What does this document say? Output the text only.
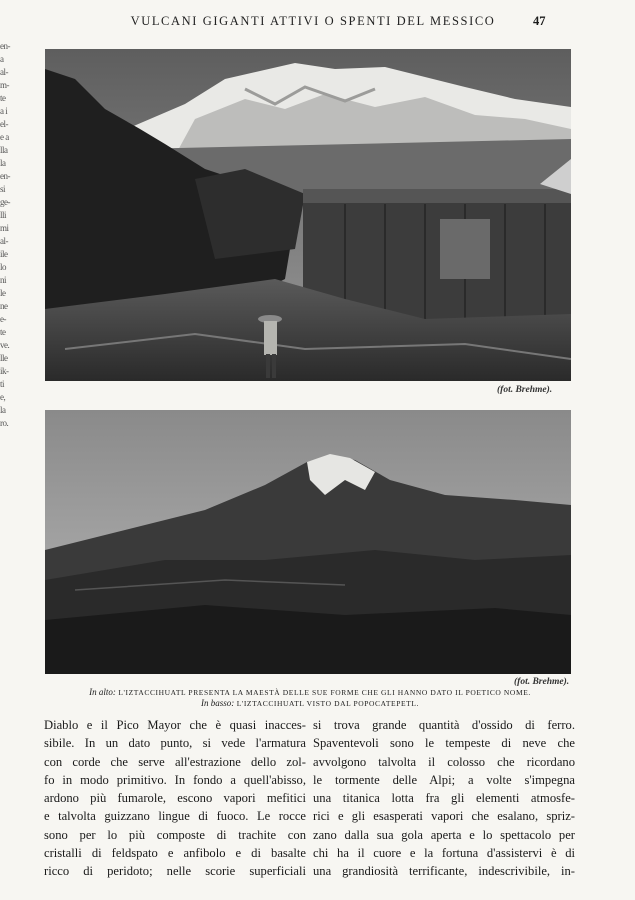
en-
a
al-
m-
te
a i
el-
e a
lla
la
en-
si
ge-
lli
mi
al-
ile
lo
ni
le
ne
e-
te
ve.
lle
ik-
ti
e,
la
ro.
VULCANI GIGANTI ATTIVI O SPENTI DEL MESSICO	47
(fot. Brehme).
(fot. Brehme).
In alto: L'IZTACCIHUATL PRESENTA LA MAESTÀ DELLE SUE FORME CHE GLI HANNO DATO IL POETICO NOME.
In basso: L'IZTACCIHUATL VISTO DAL POPOCATEPETL.
Diablo e il Pico Mayor che è quasi inacces-
sibile. In un dato punto, si vede l'armatura
con corde che serve all'estrazione dello zol-
fo in modo primitivo. In fondo a quell'abisso,
ardono più fumarole, escono vapori mefitici
e talvolta guizzano lingue di fuoco. Le rocce
sono per lo più composte di trachite con
cristalli di feldspato e anfibolo e di basalte
ricco di peridoto; nelle scorie superficiali
si trova grande quantità d'ossido di ferro.
Spaventevoli sono le tempeste di neve che
avvolgono talvolta il colosso che ricordano
le tormente delle Alpi; a volte s'impegna
una titanica lotta fra gli elementi atmosfe-
rici e gli esasperati vapori che esalano, spriz-
zano dalla sua gola aperta e lo spettacolo per
chi ha il cuore e la fortuna d'assistervi è di
una grandiosità terrificante, indescrivibile, in-
